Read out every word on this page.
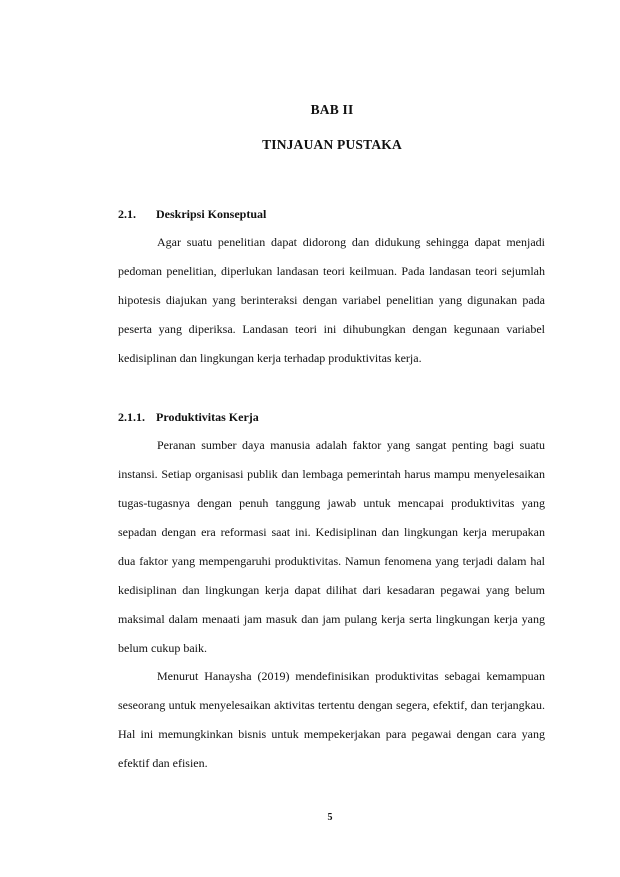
BAB II
TINJAUAN PUSTAKA
2.1. Deskripsi Konseptual

Agar suatu penelitian dapat didorong dan didukung sehingga dapat menjadi pedoman penelitian, diperlukan landasan teori keilmuan. Pada landasan teori sejumlah hipotesis diajukan yang berinteraksi dengan variabel penelitian yang digunakan pada peserta yang diperiksa. Landasan teori ini dihubungkan dengan kegunaan variabel kedisiplinan dan lingkungan kerja terhadap produktivitas kerja.

2.1.1. Produktivitas Kerja

Peranan sumber daya manusia adalah faktor yang sangat penting bagi suatu instansi. Setiap organisasi publik dan lembaga pemerintah harus mampu menyelesaikan tugas-tugasnya dengan penuh tanggung jawab untuk mencapai produktivitas yang sepadan dengan era reformasi saat ini. Kedisiplinan dan lingkungan kerja merupakan dua faktor yang mempengaruhi produktivitas. Namun fenomena yang terjadi dalam hal kedisiplinan dan lingkungan kerja dapat dilihat dari kesadaran pegawai yang belum maksimal dalam menaati jam masuk dan jam pulang kerja serta lingkungan kerja yang belum cukup baik.

Menurut Hanaysha (2019) mendefinisikan produktivitas sebagai kemampuan seseorang untuk menyelesaikan aktivitas tertentu dengan segera, efektif, dan terjangkau. Hal ini memungkinkan bisnis untuk mempekerjakan para pegawai dengan cara yang efektif dan efisien.

5
